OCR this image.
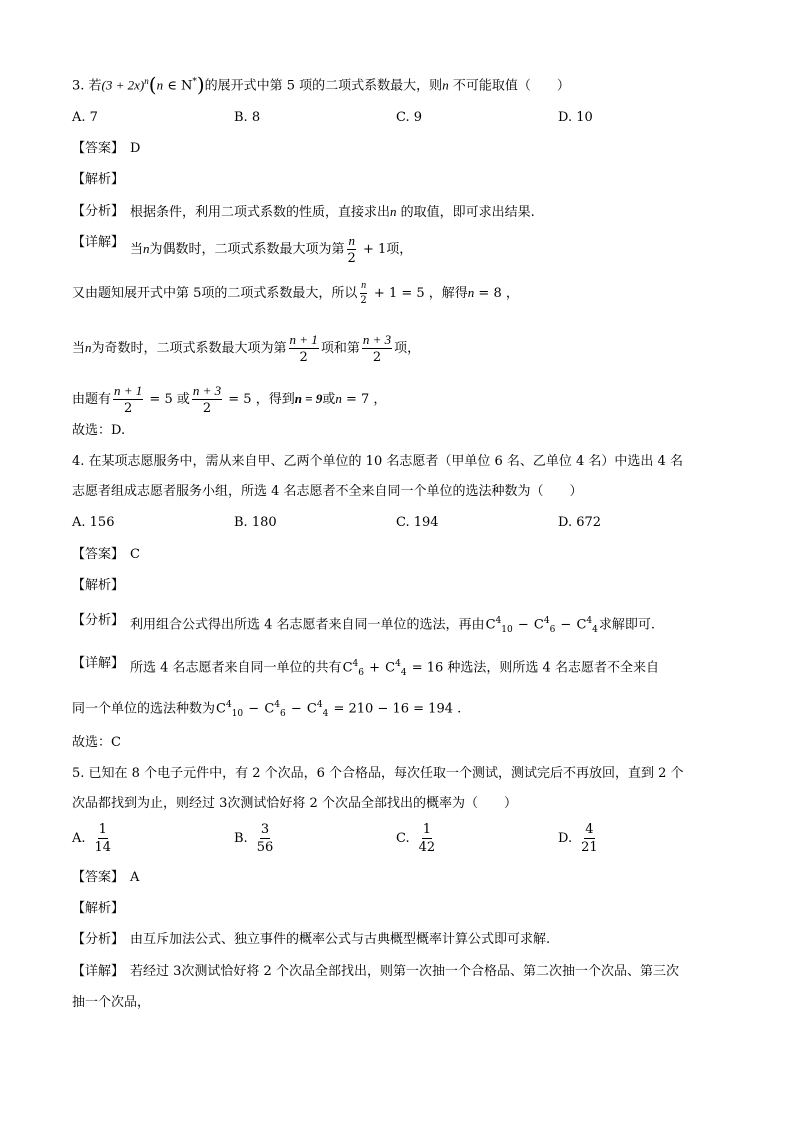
3. 若$(3 + 2x)^n(n$ ∈ N*)的展开式中第 5 项的二项式系数最大，则n 不可能取值（　　）
A. 7	B. 8	C. 9	D. 10
【答案】 D
【解析】
【分析】 根据条件，利用二项式系数的性质，直接求出n 的取值，即可求出结果.
【详解】 当n为偶数时，二项式系数最大项为第 $\frac{n}{2} + 1$项，
又由题知展开式中第 5项的二项式系数最大，所以 $\frac{n}{2} + 1 = 5$ ，解得n = 8 ，
当n为奇数时，二项式系数最大项为第 $\frac{n + 1}{2}$ 项和第 $\frac{n + 3}{2}$ 项，
由题有 $\frac{n + 1}{2} = 5$ 或 $\frac{n + 3}{2} = 5$ ，得到n = 9或n = 7 ，
故选：D.
4. 在某项志愿服务中，需从来自甲、乙两个单位的 10 名志愿者（甲单位 6 名、乙单位 4 名）中选出 4 名
志愿者组成志愿者服务小组，所选 4 名志愿者不全来自同一个单位的选法种数为（　　）
A. 156	B. 180	C. 194	D. 672
【答案】 C
【解析】
【分析】 利用组合公式得出所选 4 名志愿者来自同一单位的选法，再由$C^4_{10} - C^4_6 - C^4_4$求解即可.
【详解】 所选 4 名志愿者来自同一单位的共有$C^4_6 + C^4_4 = 16$ 种选法，则所选 4 名志愿者不全来自
同一个单位的选法种数为$C^4_{10} - C^4_6 - C^4_4 = 210 - 16 = 194$ .
故选：C
5. 已知在 8 个电子元件中，有 2 个次品，6 个合格品，每次任取一个测试，测试完后不再放回，直到 2 个
次品都找到为止，则经过 3次测试恰好将 2 个次品全部找出的概率为（　　）
A. $\frac{1}{14}$	B. $\frac{3}{56}$	C. $\frac{1}{42}$	D. $\frac{4}{21}$
【答案】 A
【解析】
【分析】 由互斥加法公式、独立事件的概率公式与古典概型概率计算公式即可求解.
【详解】 若经过 3次测试恰好将 2 个次品全部找出，则第一次抽一个合格品、第二次抽一个次品、第三次
抽一个次品，
